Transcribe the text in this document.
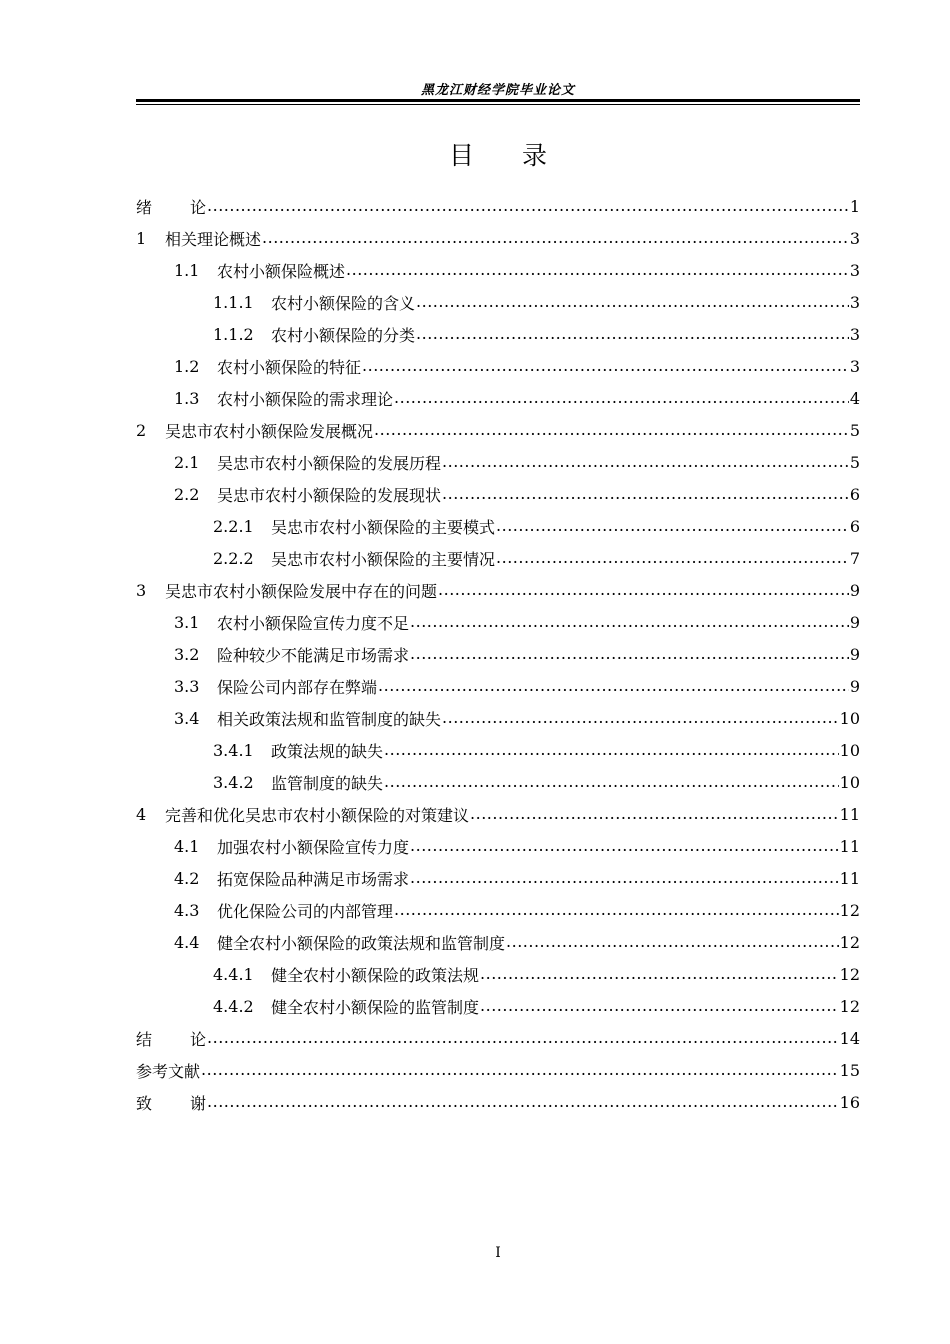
黑龙江财经学院毕业论文
目 录
绪 论 .....	1
1	相关理论概述 .....	3
1.1	农村小额保险概述 .....	3
1.1.1	农村小额保险的含义 .....	3
1.1.2	农村小额保险的分类 .....	3
1.2	农村小额保险的特征 .....	3
1.3	农村小额保险的需求理论 .....	4
2	吴忠市农村小额保险发展概况 .....	5
2.1	吴忠市农村小额保险的发展历程 .....	5
2.2	吴忠市农村小额保险的发展现状 .....	6
2.2.1	吴忠市农村小额保险的主要模式 .....	6
2.2.2	吴忠市农村小额保险的主要情况 .....	7
3	吴忠市农村小额保险发展中存在的问题 .....	9
3.1	农村小额保险宣传力度不足 .....	9
3.2	险种较少不能满足市场需求 .....	9
3.3	保险公司内部存在弊端 .....	9
3.4	相关政策法规和监管制度的缺失 .....	10
3.4.1	政策法规的缺失 .....	10
3.4.2	监管制度的缺失 .....	10
4	完善和优化吴忠市农村小额保险的对策建议 .....	11
4.1	加强农村小额保险宣传力度 .....	11
4.2	拓宽保险品种满足市场需求 .....	11
4.3	优化保险公司的内部管理 .....	12
4.4	健全农村小额保险的政策法规和监管制度 .....	12
4.4.1	健全农村小额保险的政策法规 .....	12
4.4.2	健全农村小额保险的监管制度 .....	12
结 论 .....	14
参考文献 .....	15
致 谢 .....	16
I
